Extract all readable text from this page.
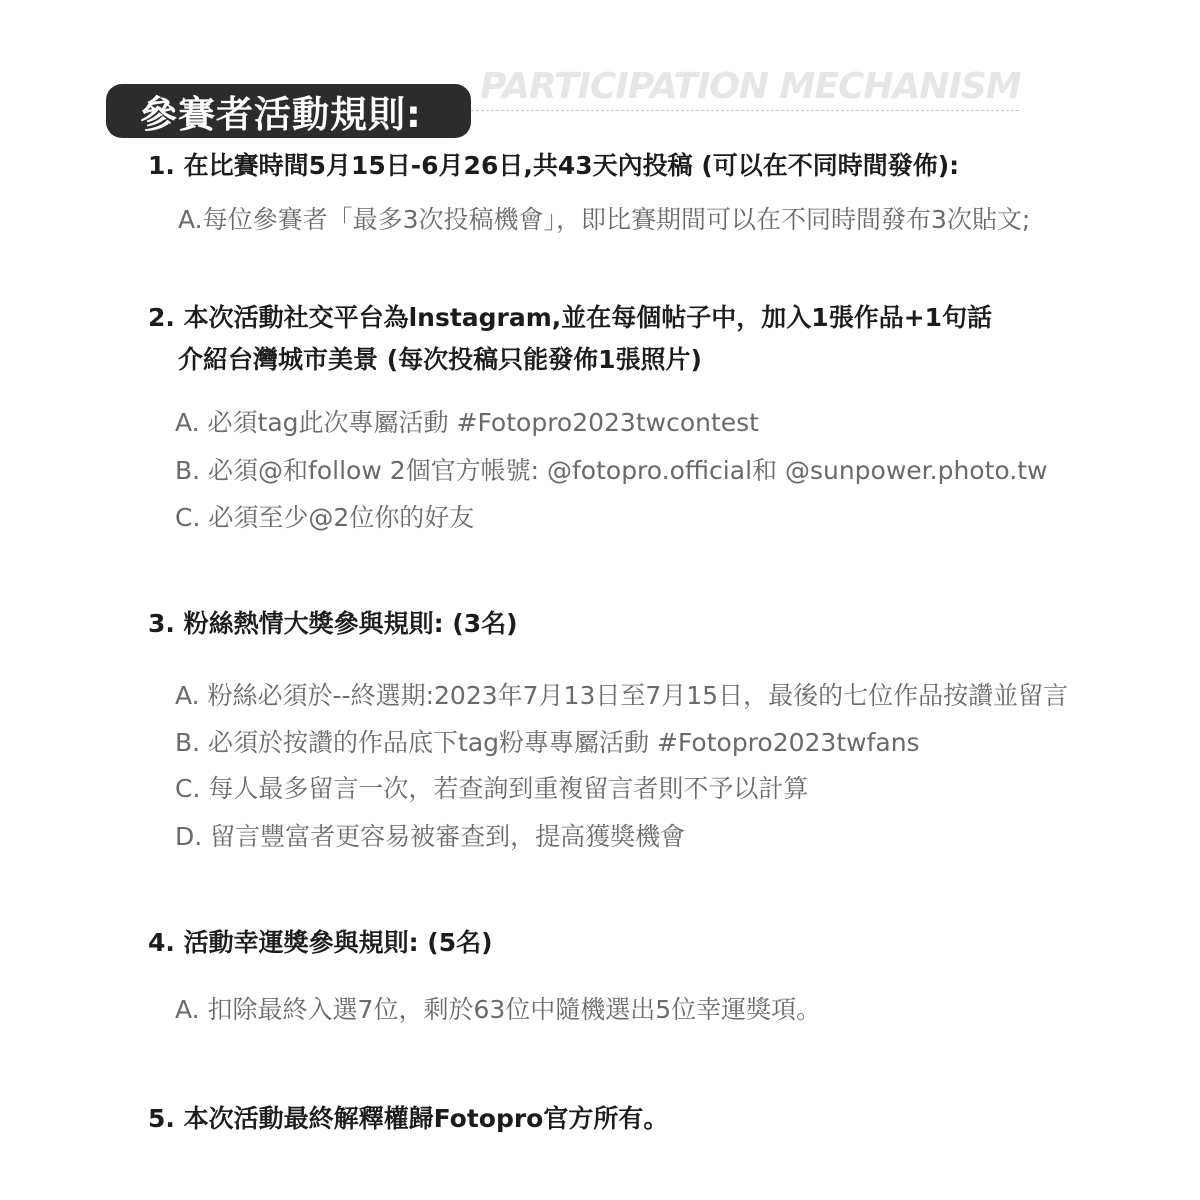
參賽者活動規則:
PARTICIPATION MECHANISM
1. 在比賽時間5月15日-6月26日,共43天內投稿 (可以在不同時間發佈):
A.每位參賽者「最多3次投稿機會」，即比賽期間可以在不同時間發布3次貼文;
2. 本次活動社交平台為lnstagram,並在每個帖子中，加入1張作品+1句話
介紹台灣城市美景 (每次投稿只能發佈1張照片)
A. 必須tag此次專屬活動 #Fotopro2023twcontest
B. 必須@和follow 2個官方帳號: @fotopro.official和 @sunpower.photo.tw
C. 必須至少@2位你的好友
3. 粉絲熱情大獎參與規則: (3名)
A. 粉絲必須於--終選期:2023年7月13日至7月15日，最後的七位作品按讚並留言
B. 必須於按讚的作品底下tag粉專專屬活動 #Fotopro2023twfans
C. 每人最多留言一次，若查詢到重複留言者則不予以計算
D. 留言豐富者更容易被審查到，提高獲獎機會
4. 活動幸運獎參與規則: (5名)
A. 扣除最終入選7位，剩於63位中隨機選出5位幸運獎項。
5. 本次活動最終解釋權歸Fotopro官方所有。
